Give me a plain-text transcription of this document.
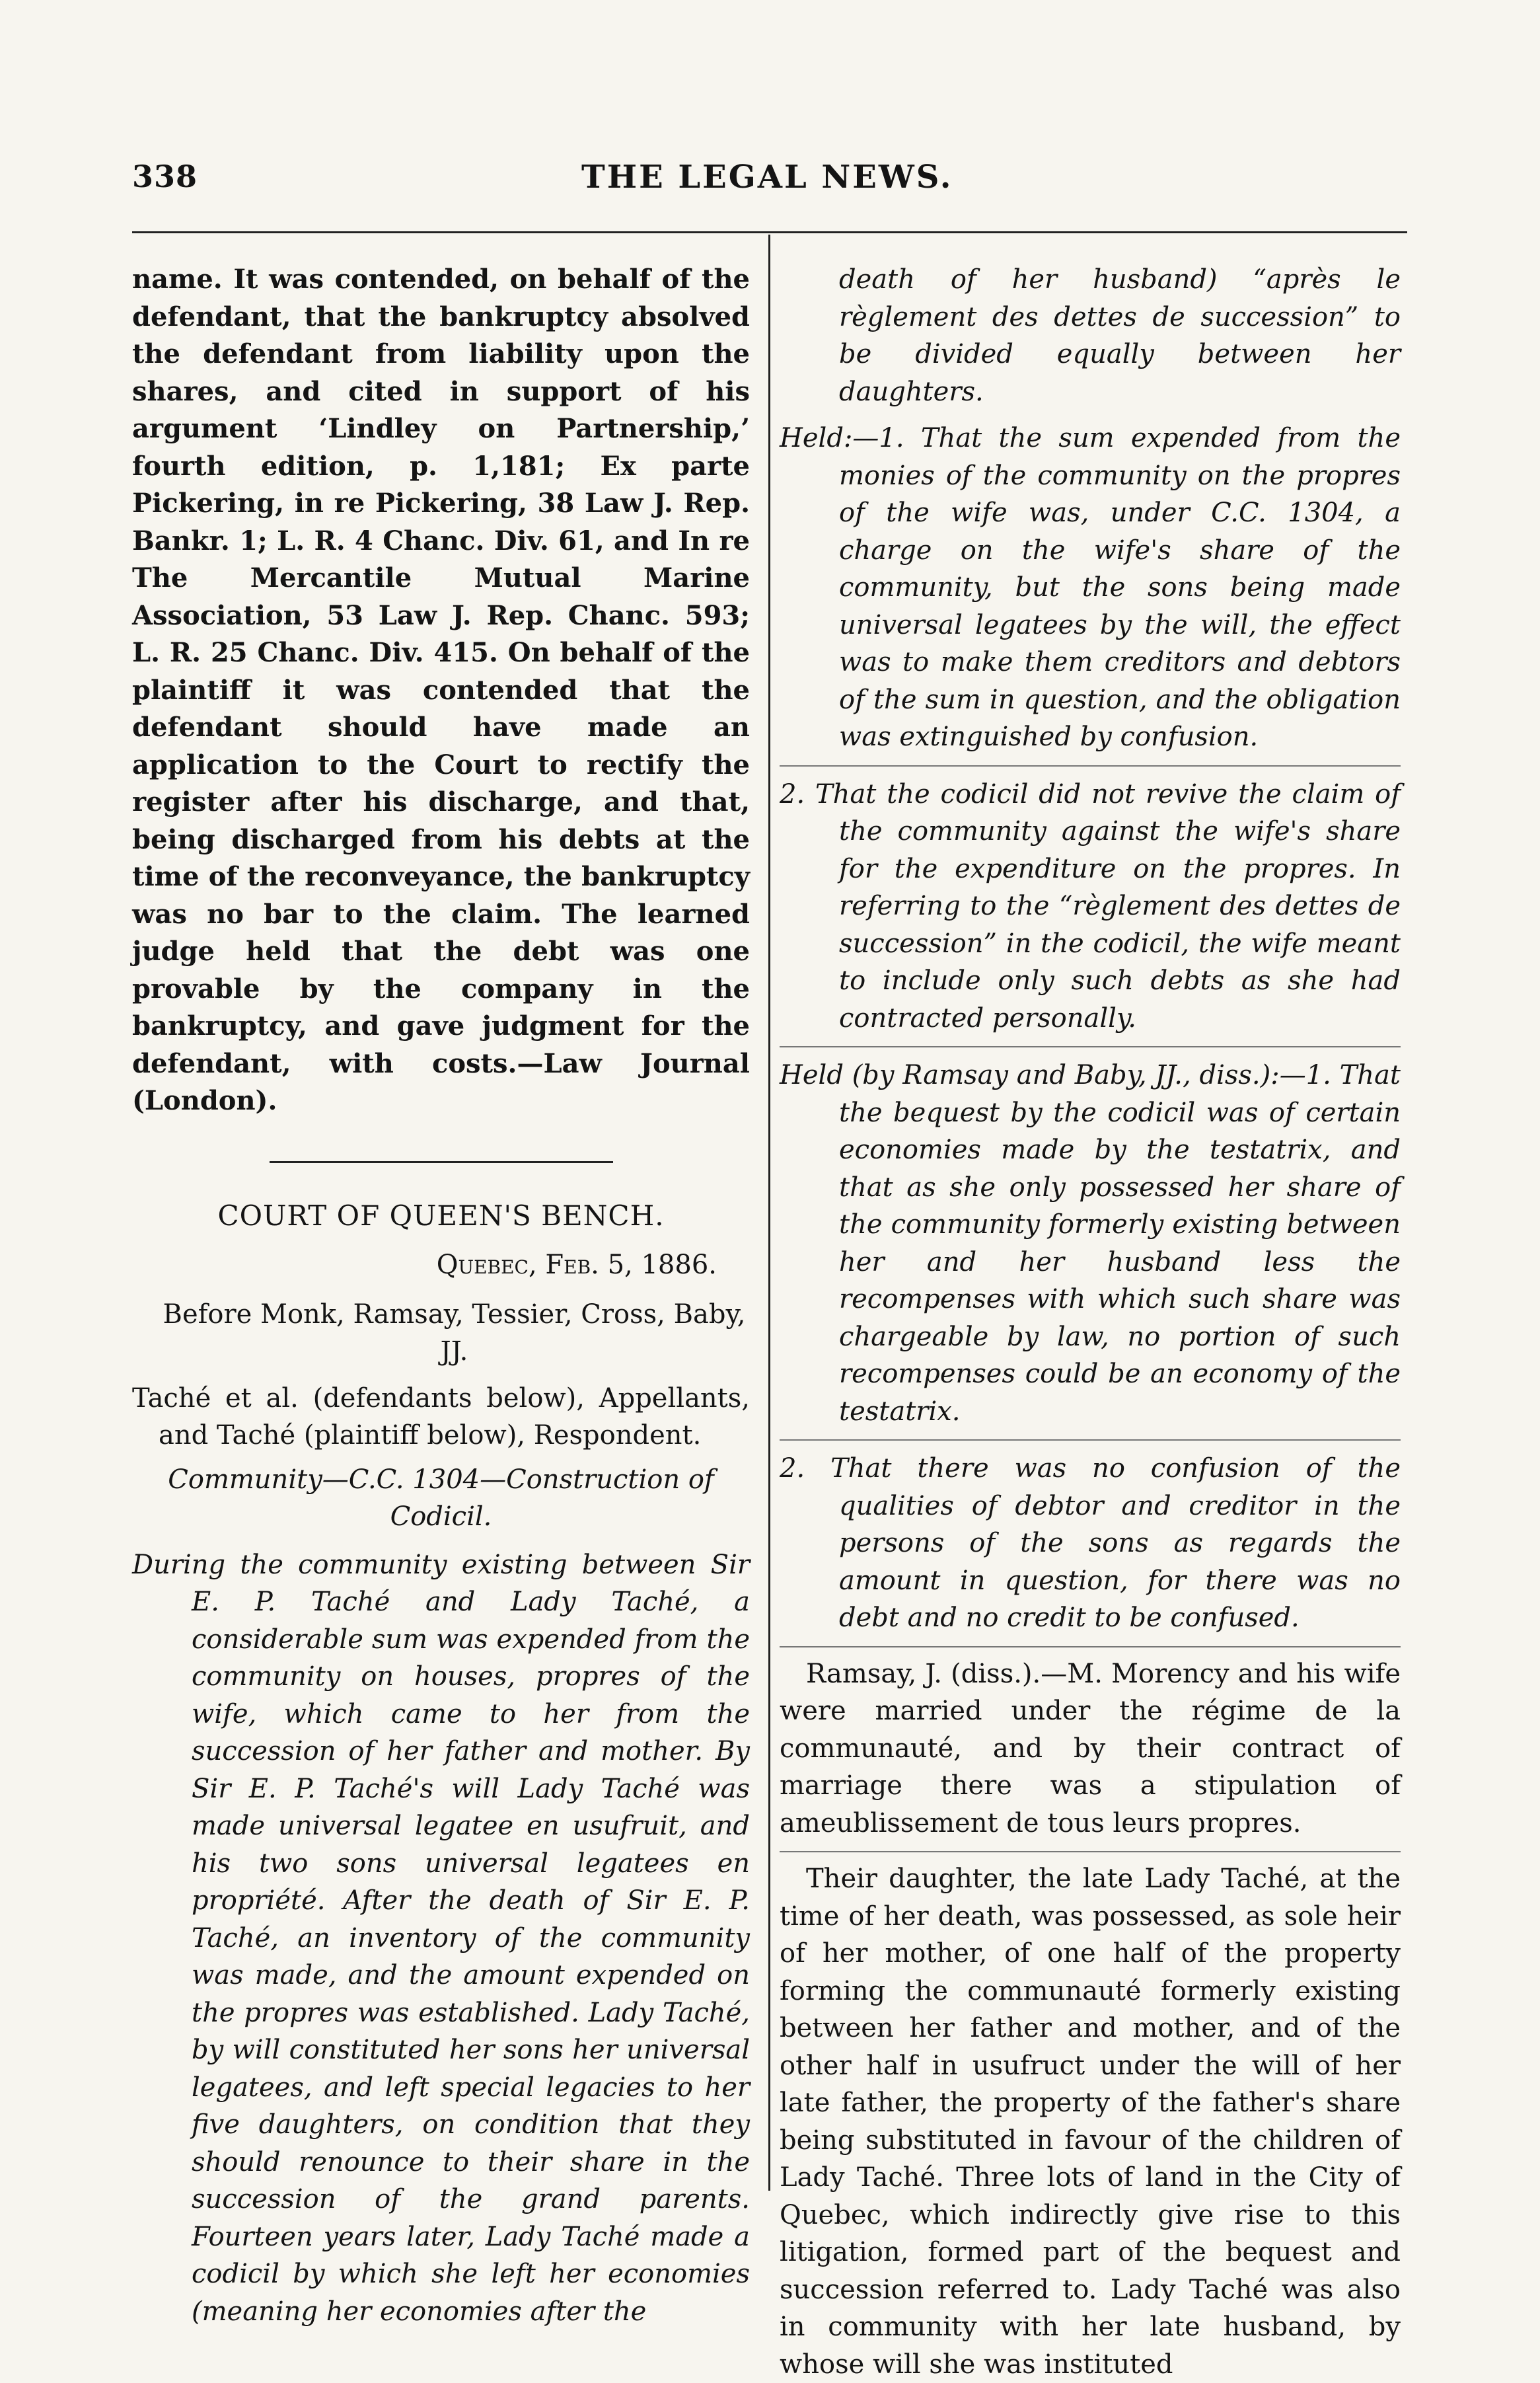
338	THE LEGAL NEWS.

name. It was contended, on behalf of the defendant, that the bankruptcy absolved the defendant from liability upon the shares, and cited in support of his argument ‘Lindley on Partnership,’ fourth edition, p. 1,181; Ex parte Pickering, in re Pickering, 38 Law J. Rep. Bankr. 1; L. R. 4 Chanc. Div. 61, and In re The Mercantile Mutual Marine Association, 53 Law J. Rep. Chanc. 593; L. R. 25 Chanc. Div. 415. On behalf of the plaintiff it was contended that the defendant should have made an application to the Court to rectify the register after his discharge, and that, being discharged from his debts at the time of the reconveyance, the bankruptcy was no bar to the claim. The learned judge held that the debt was one provable by the company in the bankruptcy, and gave judgment for the defendant, with costs.—Law Journal (London).

COURT OF QUEEN'S BENCH.
Quebec, Feb. 5, 1886.
Before Monk, Ramsay, Tessier, Cross, Baby, JJ.

Taché et al. (defendants below), Appellants, and Taché (plaintiff below), Respondent.

Community—C.C. 1304—Construction of Codicil.

During the community existing between Sir E. P. Taché and Lady Taché, a considerable sum was expended from the community on houses, propres of the wife, which came to her from the succession of her father and mother. By Sir E. P. Taché's will Lady Taché was made universal legatee en usufruit, and his two sons universal legatees en propriété. After the death of Sir E. P. Taché, an inventory of the community was made, and the amount expended on the propres was established. Lady Taché, by will constituted her sons her universal legatees, and left special legacies to her five daughters, on condition that they should renounce to their share in the succession of the grand parents. Fourteen years later, Lady Taché made a codicil by which she left her economies (meaning her economies after the

death of her husband) “après le règlement des dettes de succession” to be divided equally between her daughters.

Held:—1. That the sum expended from the monies of the community on the propres of the wife was, under C.C. 1304, a charge on the wife's share of the community, but the sons being made universal legatees by the will, the effect was to make them creditors and debtors of the sum in question, and the obligation was extinguished by confusion.

2. That the codicil did not revive the claim of the community against the wife's share for the expenditure on the propres. In referring to the “règlement des dettes de succession” in the codicil, the wife meant to include only such debts as she had contracted personally.

Held (by Ramsay and Baby, JJ., diss.):—1. That the bequest by the codicil was of certain economies made by the testatrix, and that as she only possessed her share of the community formerly existing between her and her husband less the recompenses with which such share was chargeable by law, no portion of such recompenses could be an economy of the testatrix.

2. That there was no confusion of the qualities of debtor and creditor in the persons of the sons as regards the amount in question, for there was no debt and no credit to be confused.

Ramsay, J. (diss.).—M. Morency and his wife were married under the régime de la communauté, and by their contract of marriage there was a stipulation of ameublissement de tous leurs propres.

Their daughter, the late Lady Taché, at the time of her death, was possessed, as sole heir of her mother, of one half of the property forming the communauté formerly existing between her father and mother, and of the other half in usufruct under the will of her late father, the property of the father's share being substituted in favour of the children of Lady Taché. Three lots of land in the City of Quebec, which indirectly give rise to this litigation, formed part of the bequest and succession referred to. Lady Taché was also in community with her late husband, by whose will she was instituted
